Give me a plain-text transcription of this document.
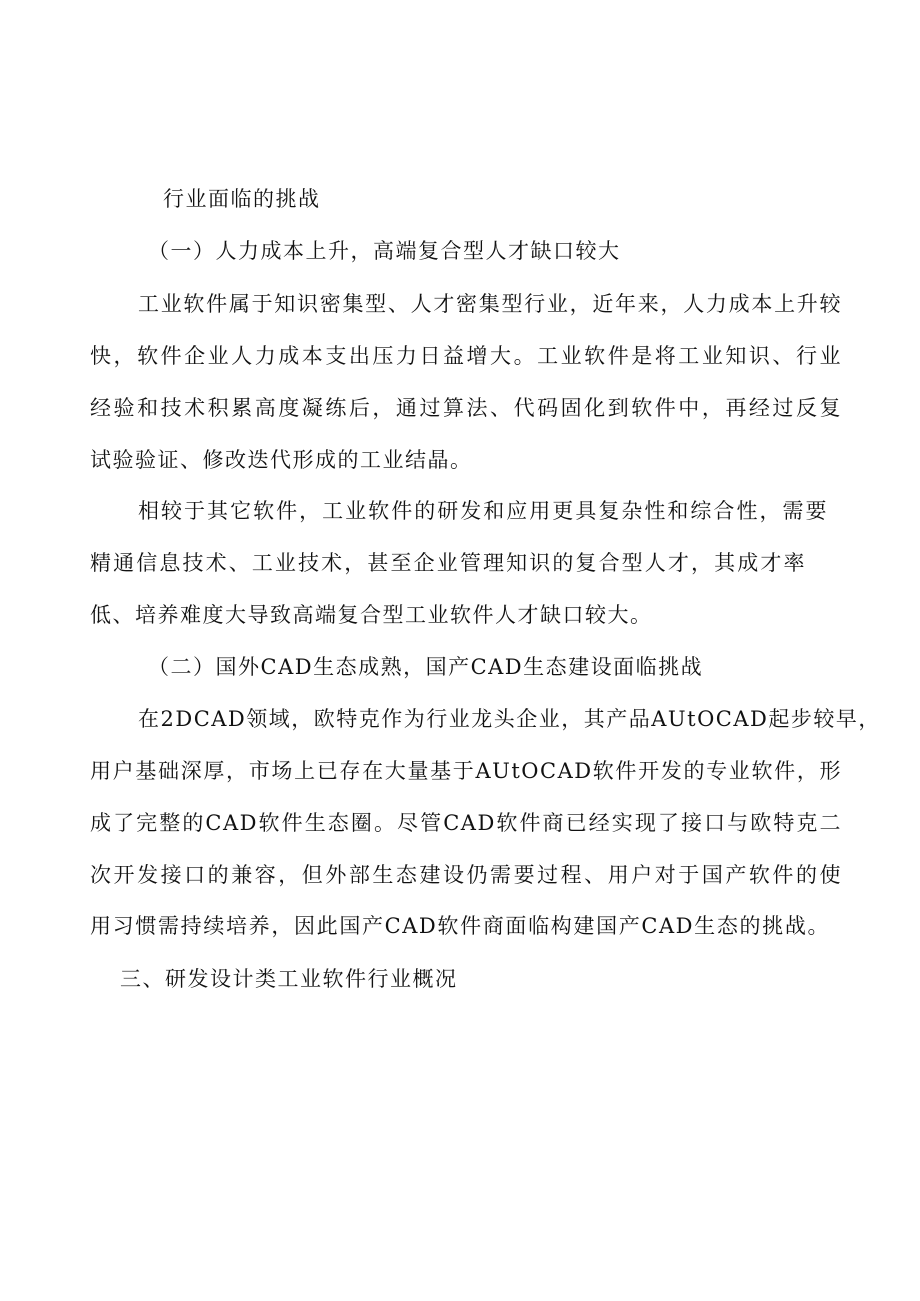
行业面临的挑战
（一）人力成本上升，高端复合型人才缺口较大
工业软件属于知识密集型、人才密集型行业，近年来，人力成本上升较
快，软件企业人力成本支出压力日益增大。工业软件是将工业知识、行业
经验和技术积累高度凝练后，通过算法、代码固化到软件中，再经过反复
试验验证、修改迭代形成的工业结晶。
相较于其它软件，工业软件的研发和应用更具复杂性和综合性，需要
精通信息技术、工业技术，甚至企业管理知识的复合型人才，其成才率
低、培养难度大导致高端复合型工业软件人才缺口较大。
（二）国外CAD生态成熟，国产CAD生态建设面临挑战
在2DCAD领域，欧特克作为行业龙头企业，其产品AUtOCAD起步较早，
用户基础深厚，市场上已存在大量基于AUtOCAD软件开发的专业软件，形
成了完整的CAD软件生态圈。尽管CAD软件商已经实现了接口与欧特克二
次开发接口的兼容，但外部生态建设仍需要过程、用户对于国产软件的使
用习惯需持续培养，因此国产CAD软件商面临构建国产CAD生态的挑战。
三、研发设计类工业软件行业概况
